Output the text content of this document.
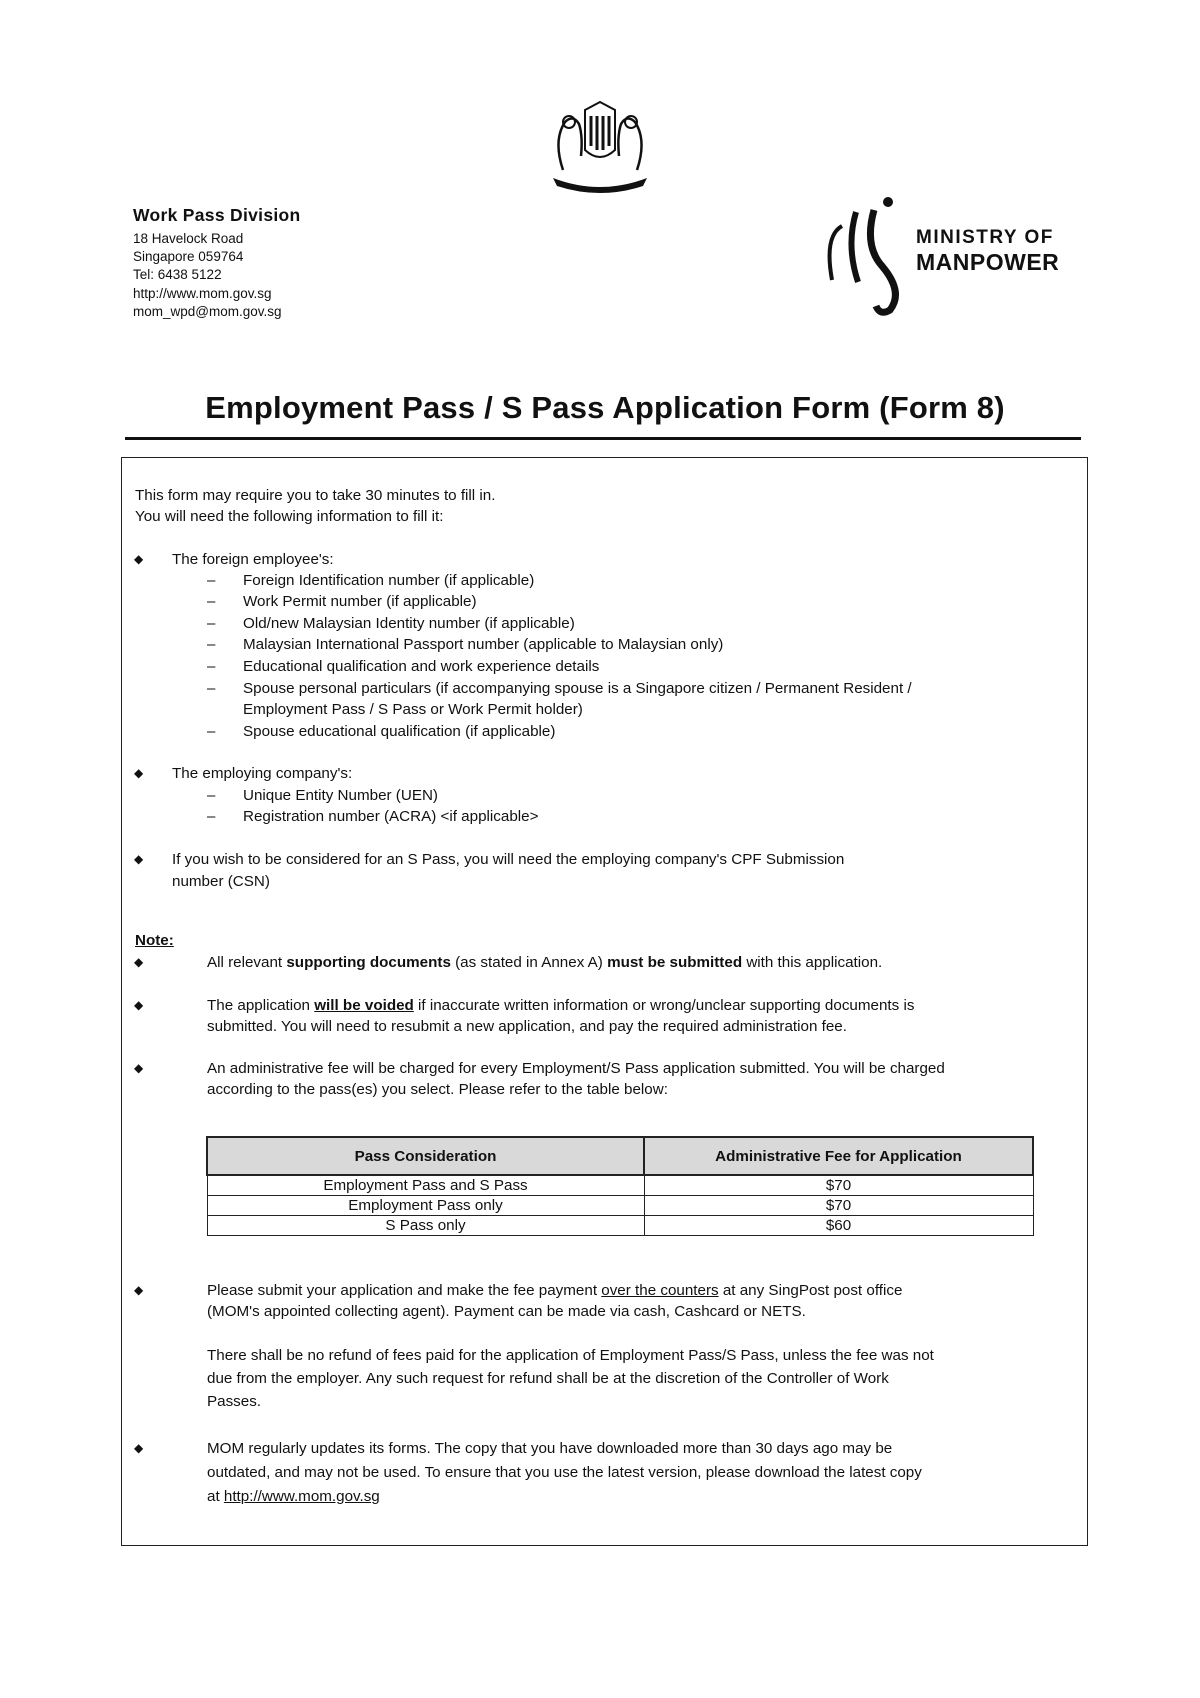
Work Pass Division
18 Havelock Road
Singapore 059764
Tel: 6438 5122
http://www.mom.gov.sg
mom_wpd@mom.gov.sg
MINISTRY OF
MANPOWER
Employment Pass / S Pass Application Form (Form 8)
This form may require you to take 30 minutes to fill in.
You will need the following information to fill it:
◆ The foreign employee's:
– Foreign Identification number (if applicable)
– Work Permit number (if applicable)
– Old/new Malaysian Identity number (if applicable)
– Malaysian International Passport number (applicable to Malaysian only)
– Educational qualification and work experience details
– Spouse personal particulars (if accompanying spouse is a Singapore citizen / Permanent Resident /
Employment Pass / S Pass or Work Permit holder)
– Spouse educational qualification (if applicable)
◆ The employing company's:
– Unique Entity Number (UEN)
– Registration number (ACRA) <if applicable>
◆ If you wish to be considered for an S Pass, you will need the employing company's CPF Submission
number (CSN)
Note:
◆	All relevant supporting documents (as stated in Annex A) must be submitted with this application.
◆	The application will be voided if inaccurate written information or wrong/unclear supporting documents is
submitted. You will need to resubmit a new application, and pay the required administration fee.
◆	An administrative fee will be charged for every Employment/S Pass application submitted. You will be charged
according to the pass(es) you select. Please refer to the table below:
Pass Consideration	Administrative Fee for Application
Employment Pass and S Pass	$70
Employment Pass only	$70
S Pass only	$60
◆	Please submit your application and make the fee payment over the counters at any SingPost post office
(MOM's appointed collecting agent). Payment can be made via cash, Cashcard or NETS.
There shall be no refund of fees paid for the application of Employment Pass/S Pass, unless the fee was not
due from the employer. Any such request for refund shall be at the discretion of the Controller of Work
Passes.
◆	MOM regularly updates its forms. The copy that you have downloaded more than 30 days ago may be
outdated, and may not be used. To ensure that you use the latest version, please download the latest copy
at http://www.mom.gov.sg
